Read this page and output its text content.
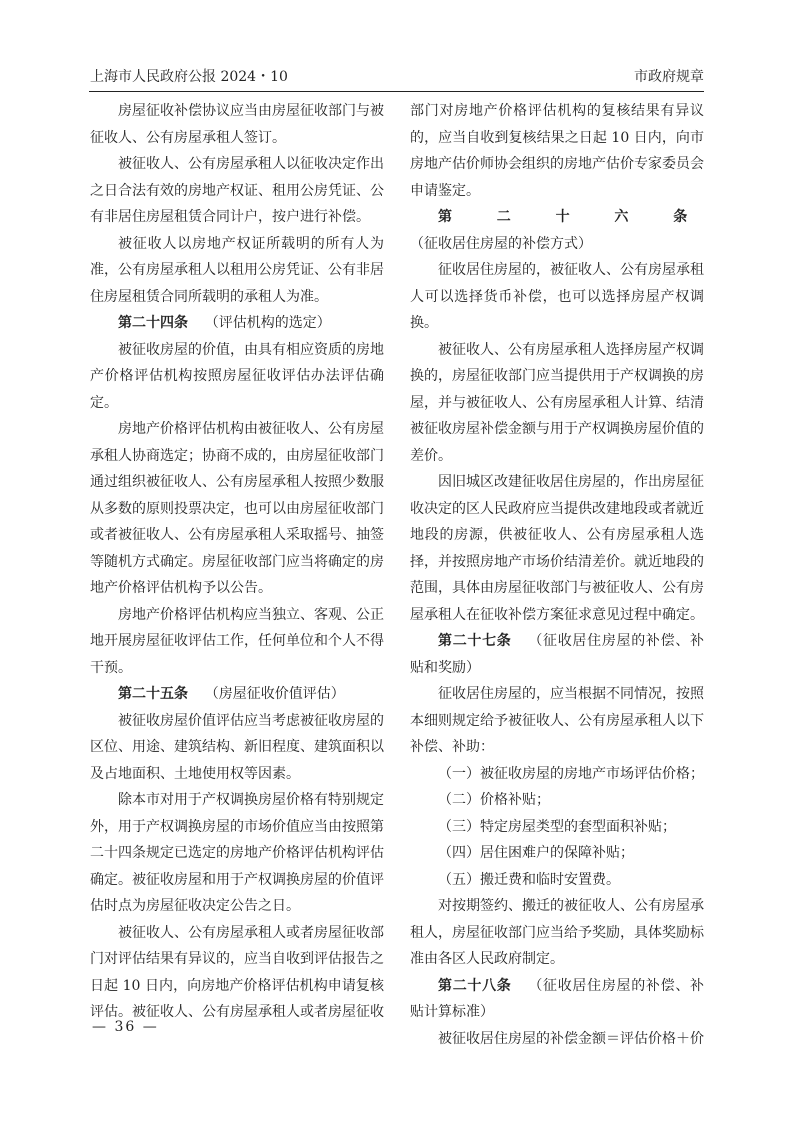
上海市人民政府公报 2024・10	市政府规章

房屋征收补偿协议应当由房屋征收部门与被征收人、公有房屋承租人签订。

被征收人、公有房屋承租人以征收决定作出之日合法有效的房地产权证、租用公房凭证、公有非居住房屋租赁合同计户，按户进行补偿。

被征收人以房地产权证所载明的所有人为准，公有房屋承租人以租用公房凭证、公有非居住房屋租赁合同所载明的承租人为准。

第二十四条 （评估机构的选定）

被征收房屋的价值，由具有相应资质的房地产价格评估机构按照房屋征收评估办法评估确定。

房地产价格评估机构由被征收人、公有房屋承租人协商选定；协商不成的，由房屋征收部门通过组织被征收人、公有房屋承租人按照少数服从多数的原则投票决定，也可以由房屋征收部门或者被征收人、公有房屋承租人采取摇号、抽签等随机方式确定。房屋征收部门应当将确定的房地产价格评估机构予以公告。

房地产价格评估机构应当独立、客观、公正地开展房屋征收评估工作，任何单位和个人不得干预。

第二十五条 （房屋征收价值评估）

被征收房屋价值评估应当考虑被征收房屋的区位、用途、建筑结构、新旧程度、建筑面积以及占地面积、土地使用权等因素。

除本市对用于产权调换房屋价格有特别规定外，用于产权调换房屋的市场价值应当由按照第二十四条规定已选定的房地产价格评估机构评估确定。被征收房屋和用于产权调换房屋的价值评估时点为房屋征收决定公告之日。

被征收人、公有房屋承租人或者房屋征收部门对评估结果有异议的，应当自收到评估报告之日起 10 日内，向房地产价格评估机构申请复核评估。被征收人、公有房屋承租人或者房屋征收

部门对房地产价格评估机构的复核结果有异议的，应当自收到复核结果之日起 10 日内，向市房地产估价师协会组织的房地产估价专家委员会申请鉴定。

第二十六条（征收居住房屋的补偿方式）

征收居住房屋的，被征收人、公有房屋承租人可以选择货币补偿，也可以选择房屋产权调换。

被征收人、公有房屋承租人选择房屋产权调换的，房屋征收部门应当提供用于产权调换的房屋，并与被征收人、公有房屋承租人计算、结清被征收房屋补偿金额与用于产权调换房屋价值的差价。

因旧城区改建征收居住房屋的，作出房屋征收决定的区人民政府应当提供改建地段或者就近地段的房源，供被征收人、公有房屋承租人选择，并按照房地产市场价结清差价。就近地段的范围，具体由房屋征收部门与被征收人、公有房屋承租人在征收补偿方案征求意见过程中确定。

第二十七条 （征收居住房屋的补偿、补贴和奖励）

征收居住房屋的，应当根据不同情况，按照本细则规定给予被征收人、公有房屋承租人以下补偿、补助：

（一）被征收房屋的房地产市场评估价格；

（二）价格补贴；

（三）特定房屋类型的套型面积补贴；

（四）居住困难户的保障补贴；

（五）搬迁费和临时安置费。

对按期签约、搬迁的被征收人、公有房屋承租人，房屋征收部门应当给予奖励，具体奖励标准由各区人民政府制定。

第二十八条 （征收居住房屋的补偿、补贴计算标准）

被征收居住房屋的补偿金额＝评估价格＋价

— 36 —
